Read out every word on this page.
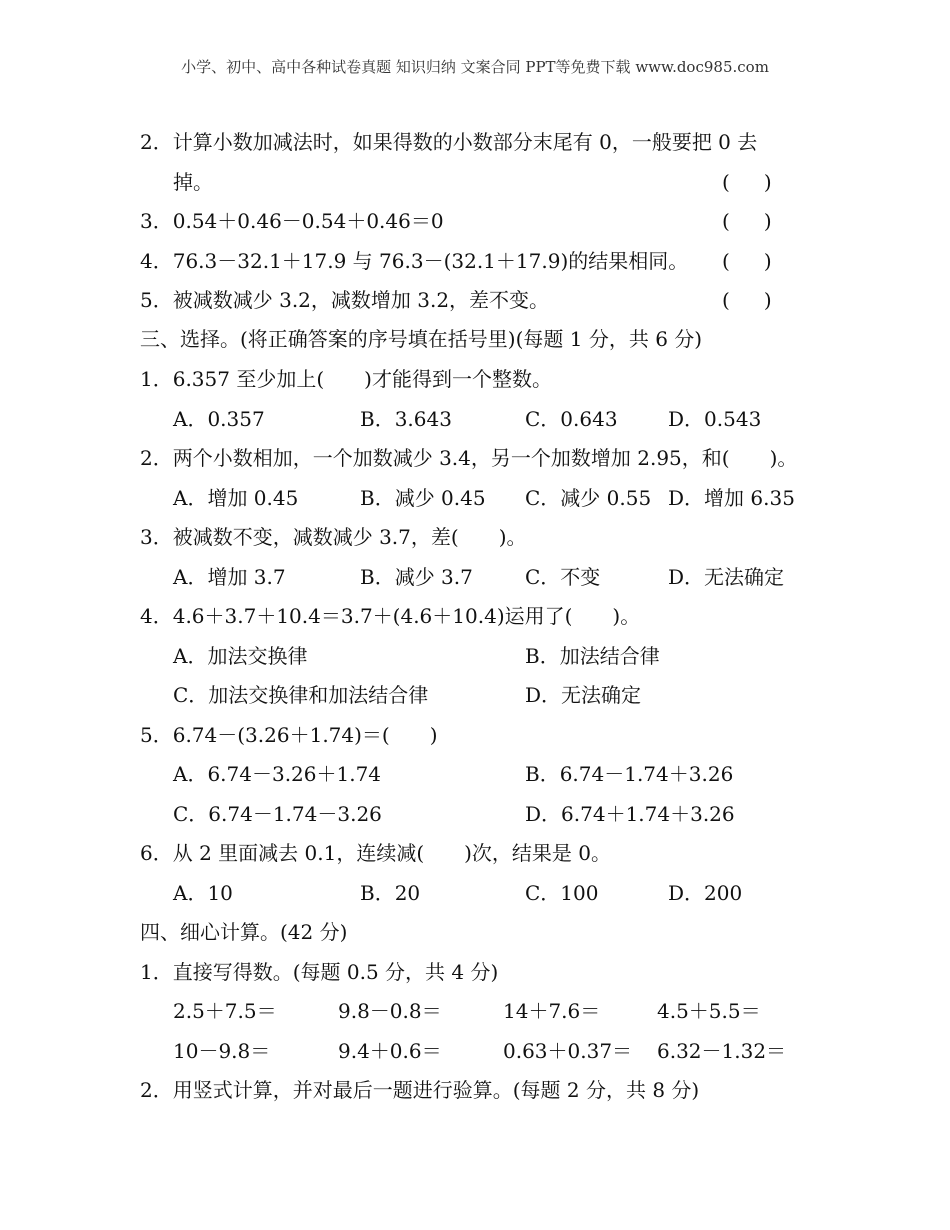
小学、初中、高中各种试卷真题 知识归纳 文案合同 PPT等免费下载 www.doc985.com
2．计算小数加减法时，如果得数的小数部分末尾有 0，一般要把 0 去
掉。	( )
3．0.54＋0.46－0.54＋0.46＝0	( )
4．76.3－32.1＋17.9 与 76.3－(32.1＋17.9)的结果相同。 ( )
5．被减数减少 3.2，减数增加 3.2，差不变。	( )
三、选择。(将正确答案的序号填在括号里)(每题 1 分，共 6 分)
1．6.357 至少加上(　　)才能得到一个整数。
A．0.357	B．3.643	C．0.643	D．0.543
2．两个小数相加，一个加数减少 3.4，另一个加数增加 2.95，和(　　)。
A．增加 0.45	B．减少 0.45 C．减少 0.55 D．增加 6.35
3．被减数不变，减数减少 3.7，差(　　)。
A．增加 3.7	B．减少 3.7	C．不变	D．无法确定
4．4.6＋3.7＋10.4＝3.7＋(4.6＋10.4)运用了(　　)。
A．加法交换律	B．加法结合律
C．加法交换律和加法结合律	D．无法确定
5．6.74－(3.26＋1.74)＝(　　)
A．6.74－3.26＋1.74	B．6.74－1.74＋3.26
C．6.74－1.74－3.26	D．6.74＋1.74＋3.26
6．从 2 里面减去 0.1，连续减(　　)次，结果是 0。
A．10	B．20	C．100	D．200
四、细心计算。(42 分)
1．直接写得数。(每题 0.5 分，共 4 分)
2.5＋7.5＝	9.8－0.8＝	14＋7.6＝	4.5＋5.5＝
10－9.8＝	9.4＋0.6＝	0.63＋0.37＝ 6.32－1.32＝
2．用竖式计算，并对最后一题进行验算。(每题 2 分，共 8 分)
